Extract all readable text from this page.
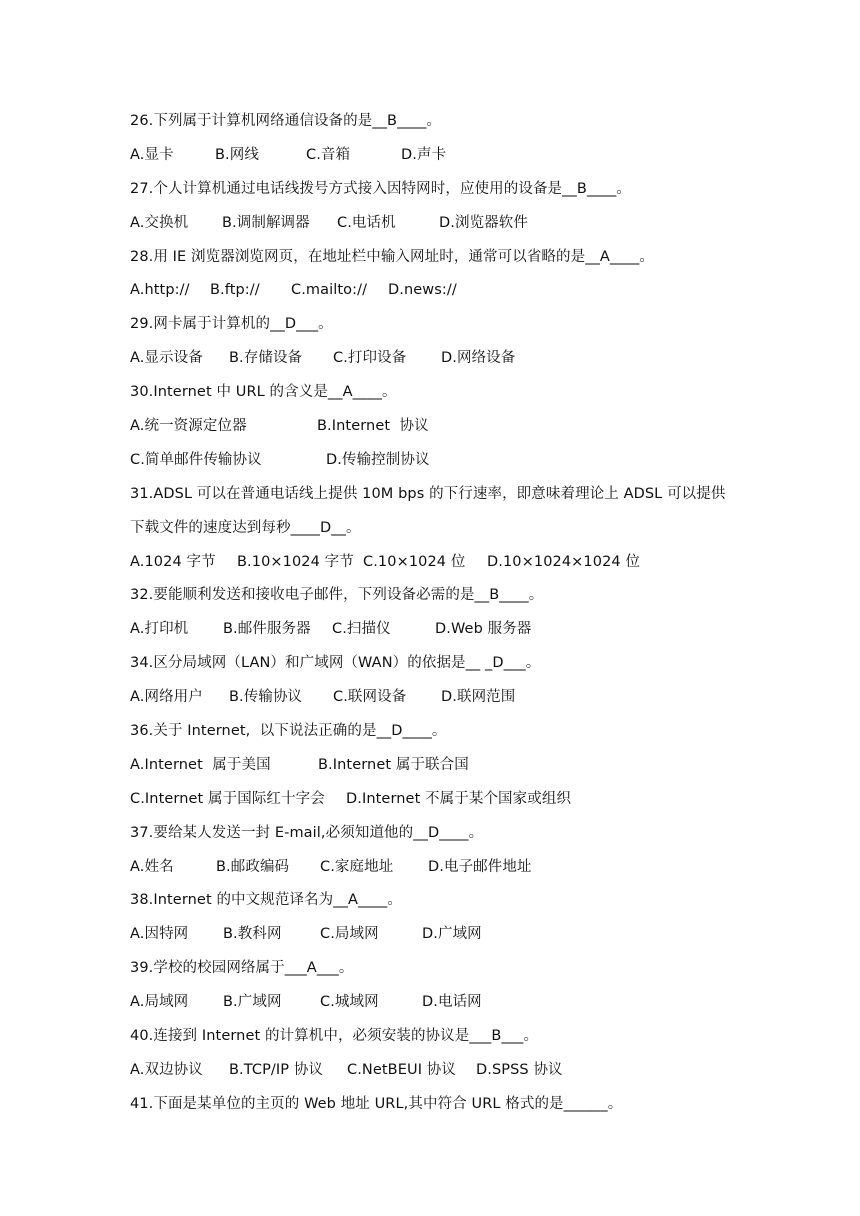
26.下列属于计算机网络通信设备的是__B____。
A.显卡	B.网线	C.音箱	D.声卡
27.个人计算机通过电话线拨号方式接入因特网时，应使用的设备是__B____。
A.交换机 B.调制解调器 C.电话机	D.浏览器软件
28.用 IE 浏览器浏览网页，在地址栏中输入网址时，通常可以省略的是__A____。
A.http:// B.ftp:// C.mailto:// D.news://
29.网卡属于计算机的__D___。
A.显示设备 B.存储设备 C.打印设备 D.网络设备
30.Internet 中 URL 的含义是__A____。
A.统一资源定位器	B.Internet  协议
C.简单邮件传输协议	D.传输控制协议
31.ADSL 可以在普通电话线上提供 10M bps 的下行速率，即意味着理论上 ADSL 可以提供
下载文件的速度达到每秒____D__。
A.1024 字节 B.10×1024 字节 C.10×1024 位 D.10×1024×1024 位
32.要能顺利发送和接收电子邮件，下列设备必需的是__B____。
A.打印机 B.邮件服务器 C.扫描仪	D.Web 服务器
34.区分局域网（LAN）和广域网（WAN）的依据是__ _D___。
A.网络用户 B.传输协议 C.联网设备 D.联网范围
36.关于 Internet,  以下说法正确的是__D____。
A.Internet  属于美国	B.Internet 属于联合国
C.Internet 属于国际红十字会 D.Internet 不属于某个国家或组织
37.要给某人发送一封 E-mail,必须知道他的__D____。
A.姓名	B.邮政编码 C.家庭地址 D.电子邮件地址
38.Internet 的中文规范译名为__A____。
A.因特网 B.教科网	C.局域网	D.广域网
39.学校的校园网络属于___A___。
A.局域网 B.广域网	C.城域网	D.电话网
40.连接到 Internet 的计算机中，必须安装的协议是___B___。
A.双边协议 B.TCP/IP 协议 C.NetBEUI 协议 D.SPSS 协议
41.下面是某单位的主页的 Web 地址 URL,其中符合 URL 格式的是______。
